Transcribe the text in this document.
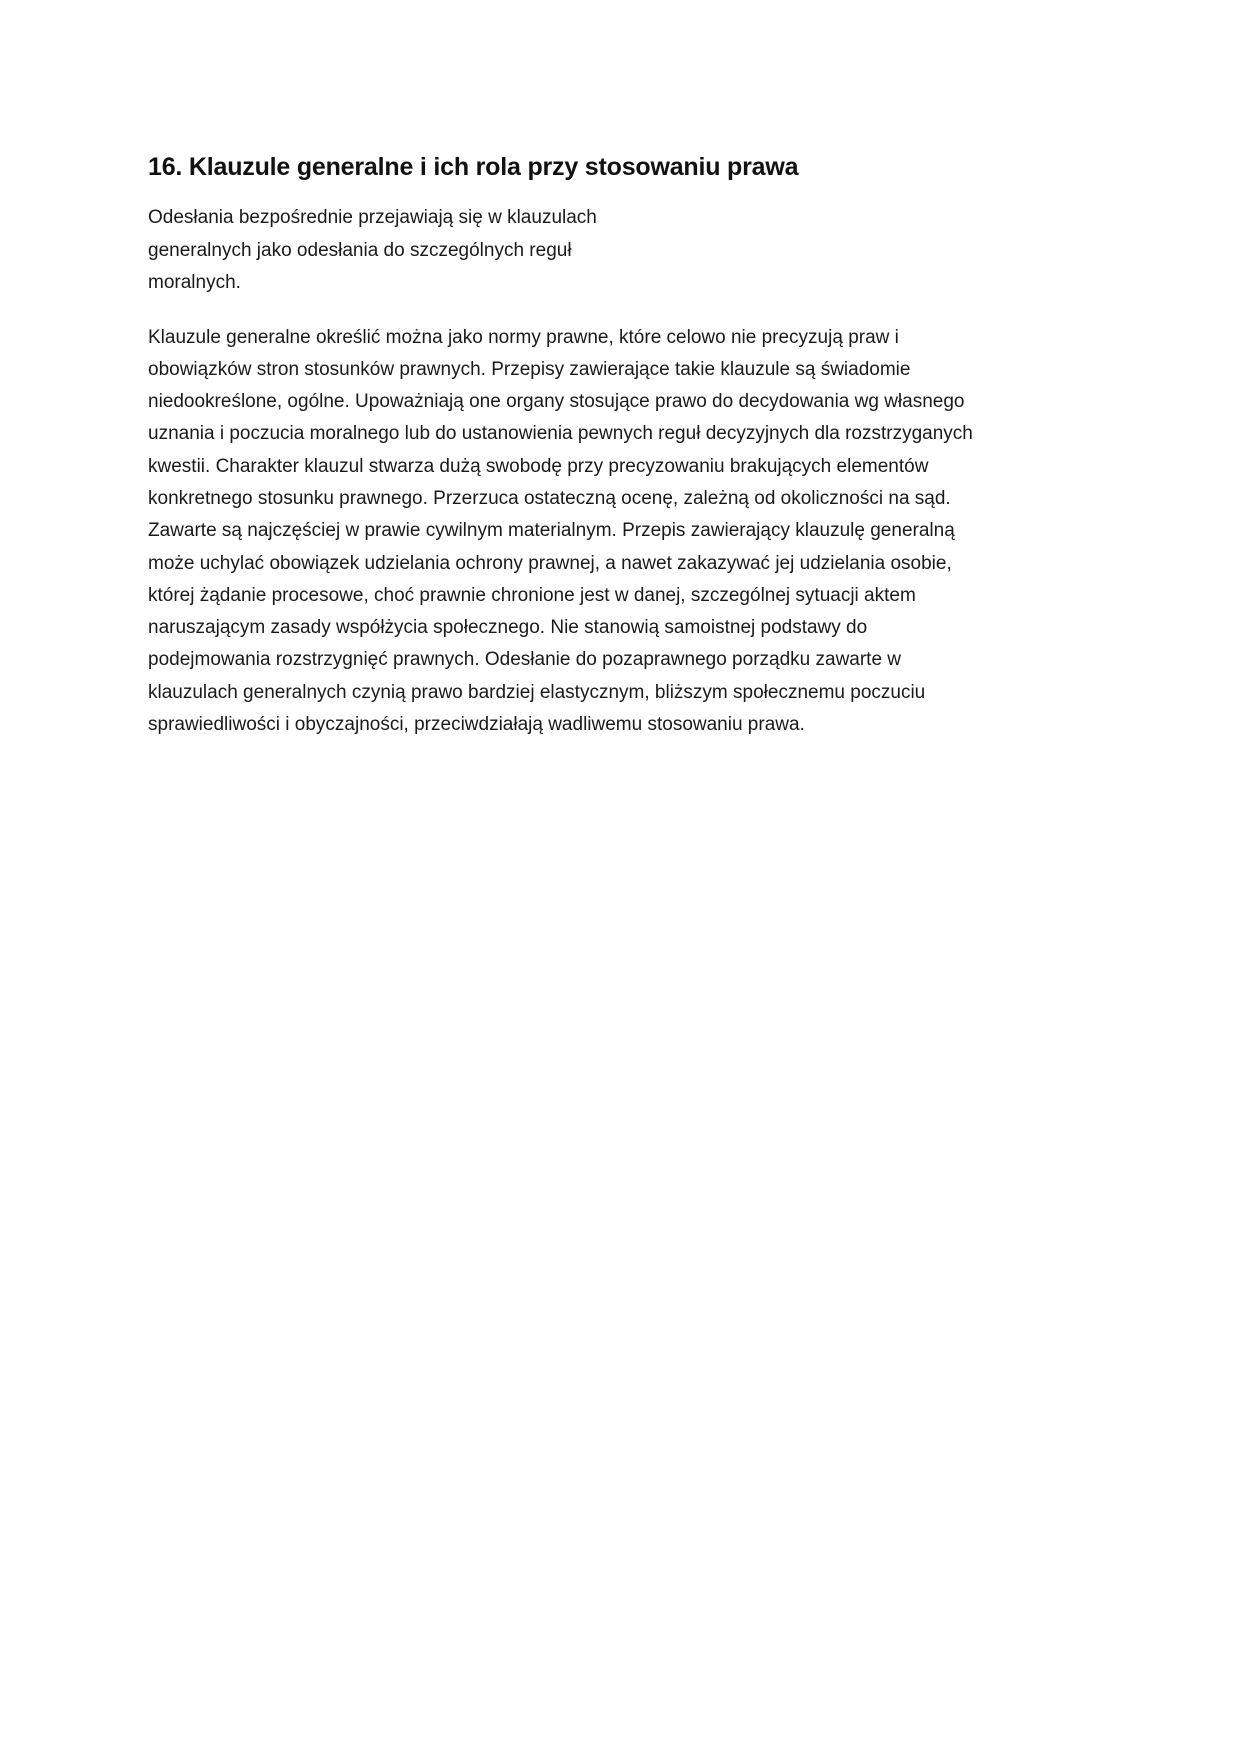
16. Klauzule generalne i ich rola przy stosowaniu prawa

Odesłania bezpośrednie przejawiają się w klauzulach
generalnych jako odesłania do szczególnych reguł
moralnych.

Klauzule generalne określić można jako normy prawne, które celowo nie precyzują praw i
obowiązków stron stosunków prawnych. Przepisy zawierające takie klauzule są świadomie
niedookreślone, ogólne. Upoważniają one organy stosujące prawo do decydowania wg własnego
uznania i poczucia moralnego lub do ustanowienia pewnych reguł decyzyjnych dla rozstrzyganych
kwestii. Charakter klauzul stwarza dużą swobodę przy precyzowaniu brakujących elementów
konkretnego stosunku prawnego. Przerzuca ostateczną ocenę, zależną od okoliczności na sąd.
Zawarte są najczęściej w prawie cywilnym materialnym. Przepis zawierający klauzulę generalną
może uchylać obowiązek udzielania ochrony prawnej, a nawet zakazywać jej udzielania osobie,
której żądanie procesowe, choć prawnie chronione jest w danej, szczególnej sytuacji aktem
naruszającym zasady współżycia społecznego. Nie stanowią samoistnej podstawy do
podejmowania rozstrzygnięć prawnych. Odesłanie do pozaprawnego porządku zawarte w
klauzulach generalnych czynią prawo bardziej elastycznym, bliższym społecznemu poczuciu
sprawiedliwości i obyczajności, przeciwdziałają wadliwemu stosowaniu prawa.
